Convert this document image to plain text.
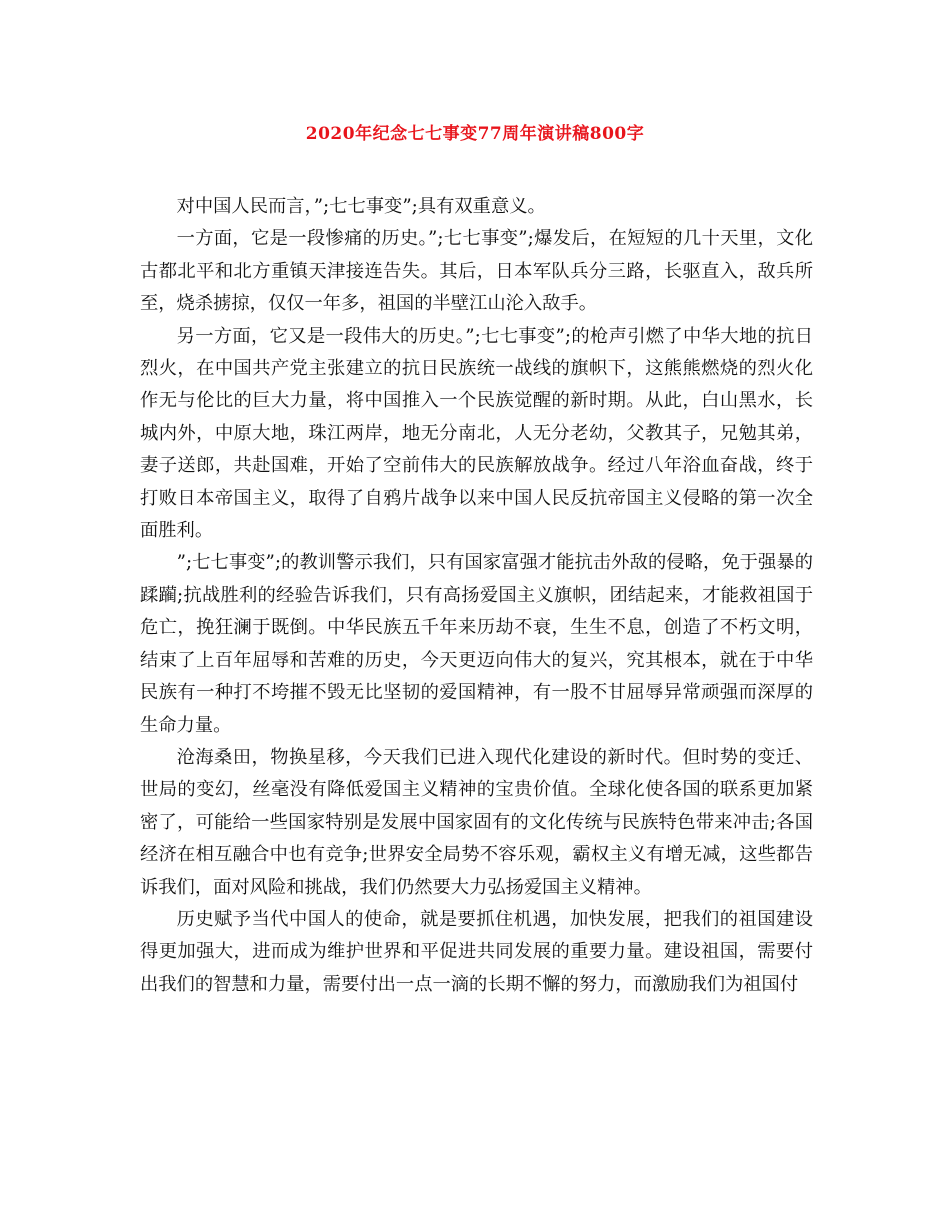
2020年纪念七七事变77周年演讲稿800字

对中国人民而言，”;七七事变”;具有双重意义。

一方面，它是一段惨痛的历史。”;七七事变”;爆发后，在短短的几十天里，文化古都北平和北方重镇天津接连告失。其后，日本军队兵分三路，长驱直入，敌兵所至，烧杀掳掠，仅仅一年多，祖国的半壁江山沦入敌手。

另一方面，它又是一段伟大的历史。”;七七事变”;的枪声引燃了中华大地的抗日烈火，在中国共产党主张建立的抗日民族统一战线的旗帜下，这熊熊燃烧的烈火化作无与伦比的巨大力量，将中国推入一个民族觉醒的新时期。从此，白山黑水，长城内外，中原大地，珠江两岸，地无分南北，人无分老幼，父教其子，兄勉其弟，妻子送郎，共赴国难，开始了空前伟大的民族解放战争。经过八年浴血奋战，终于打败日本帝国主义，取得了自鸦片战争以来中国人民反抗帝国主义侵略的第一次全面胜利。

”;七七事变”;的教训警示我们，只有国家富强才能抗击外敌的侵略，免于强暴的蹂躏;抗战胜利的经验告诉我们，只有高扬爱国主义旗帜，团结起来，才能救祖国于危亡，挽狂澜于既倒。中华民族五千年来历劫不衰，生生不息，创造了不朽文明，结束了上百年屈辱和苦难的历史，今天更迈向伟大的复兴，究其根本，就在于中华民族有一种打不垮摧不毁无比坚韧的爱国精神，有一股不甘屈辱异常顽强而深厚的生命力量。

沧海桑田，物换星移，今天我们已进入现代化建设的新时代。但时势的变迁、世局的变幻，丝毫没有降低爱国主义精神的宝贵价值。全球化使各国的联系更加紧密了，可能给一些国家特别是发展中国家固有的文化传统与民族特色带来冲击;各国经济在相互融合中也有竞争;世界安全局势不容乐观，霸权主义有增无减，这些都告诉我们，面对风险和挑战，我们仍然要大力弘扬爱国主义精神。

历史赋予当代中国人的使命，就是要抓住机遇，加快发展，把我们的祖国建设得更加强大，进而成为维护世界和平促进共同发展的重要力量。建设祖国，需要付出我们的智慧和力量，需要付出一点一滴的长期不懈的努力，而激励我们为祖国付
